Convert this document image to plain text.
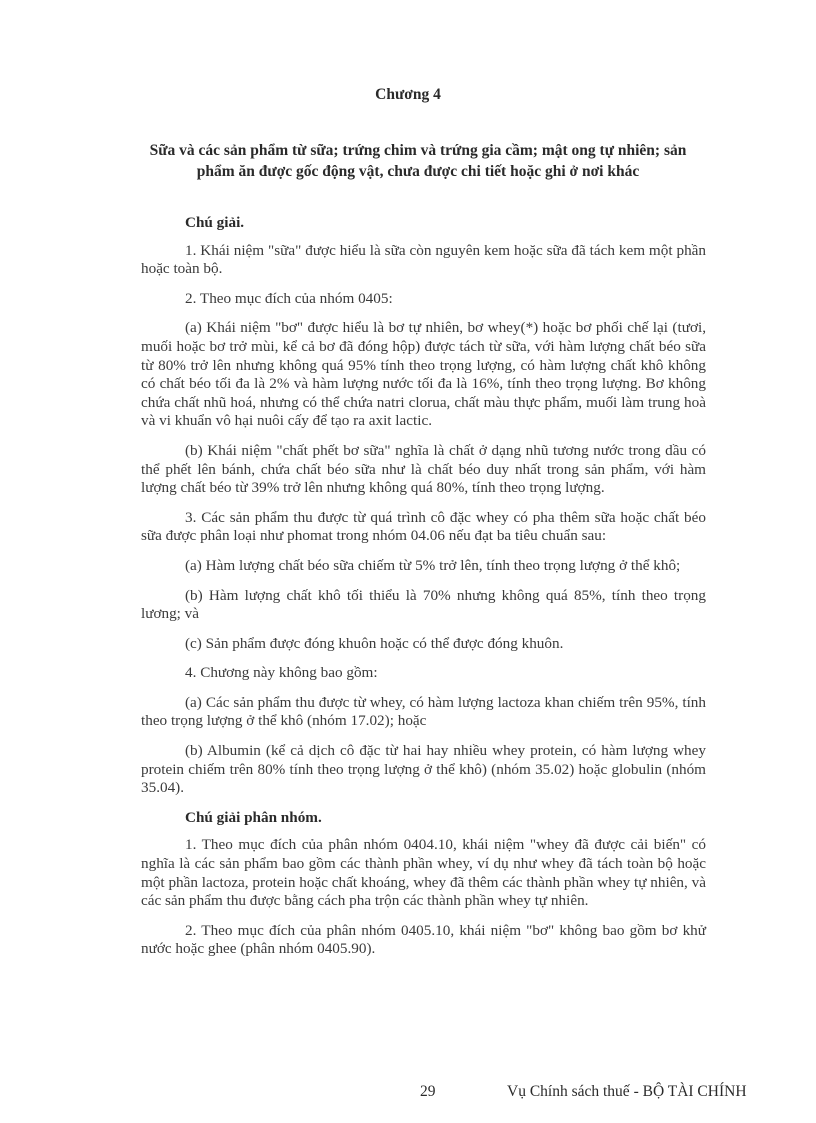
Chương 4
Sữa và các sản phẩm từ sữa; trứng chim và trứng gia cầm; mật ong tự nhiên; sản phẩm ăn được gốc động vật, chưa được chi tiết hoặc ghi ở nơi khác
Chú giải.

1. Khái niệm "sữa" được hiểu là sữa còn nguyên kem hoặc sữa đã tách kem một phần hoặc toàn bộ.

2. Theo mục đích của nhóm 0405:

(a) Khái niệm "bơ" được hiểu là bơ tự nhiên, bơ whey(*) hoặc bơ phối chế lại (tươi, muối hoặc bơ trở mùi, kể cả bơ đã đóng hộp) được tách từ sữa, với hàm lượng chất béo sữa từ 80% trở lên nhưng không quá 95% tính theo trọng lượng, có hàm lượng chất khô không có chất béo tối đa là 2% và hàm lượng nước tối đa là 16%, tính theo trọng lượng. Bơ không chứa chất nhũ hoá, nhưng có thể chứa natri clorua, chất màu thực phẩm, muối làm trung hoà và vi khuẩn vô hại nuôi cấy để tạo ra axit lactic.

(b) Khái niệm "chất phết bơ sữa" nghĩa là chất ở dạng nhũ tương nước trong dầu có thể phết lên bánh, chứa chất béo sữa như là chất béo duy nhất trong sản phẩm, với hàm lượng chất béo từ 39% trở lên nhưng không quá 80%, tính theo trọng lượng.

3. Các sản phẩm thu được từ quá trình cô đặc whey có pha thêm sữa hoặc chất béo sữa được phân loại như phomat trong nhóm 04.06 nếu đạt ba tiêu chuẩn sau:

(a) Hàm lượng chất béo sữa chiếm từ 5% trở lên, tính theo trọng lượng ở thể khô;

(b) Hàm lượng chất khô tối thiểu là 70% nhưng không quá 85%, tính theo trọng lương; và

(c) Sản phẩm được đóng khuôn hoặc có thể được đóng khuôn.

4. Chương này không bao gồm:

(a) Các sản phẩm thu được từ whey, có hàm lượng lactoza khan chiếm trên 95%, tính theo trọng lượng ở thể khô (nhóm 17.02); hoặc

(b) Albumin (kể cả dịch cô đặc từ hai hay nhiều whey protein, có hàm lượng whey protein chiếm trên 80% tính theo trọng lượng ở thể khô) (nhóm 35.02) hoặc globulin (nhóm 35.04).

Chú giải phân nhóm.

1. Theo mục đích của phân nhóm 0404.10, khái niệm "whey đã được cải biến" có nghĩa là các sản phẩm bao gồm các thành phần whey, ví dụ như whey đã tách toàn bộ hoặc một phần lactoza, protein hoặc chất khoáng, whey đã thêm các thành phần whey tự nhiên, và các sản phẩm thu được bằng cách pha trộn các thành phần whey tự nhiên.

2. Theo mục đích của phân nhóm 0405.10, khái niệm "bơ" không bao gồm bơ khử nước hoặc ghee (phân nhóm 0405.90).

29	Vụ Chính sách thuế - BỘ TÀI CHÍNH
